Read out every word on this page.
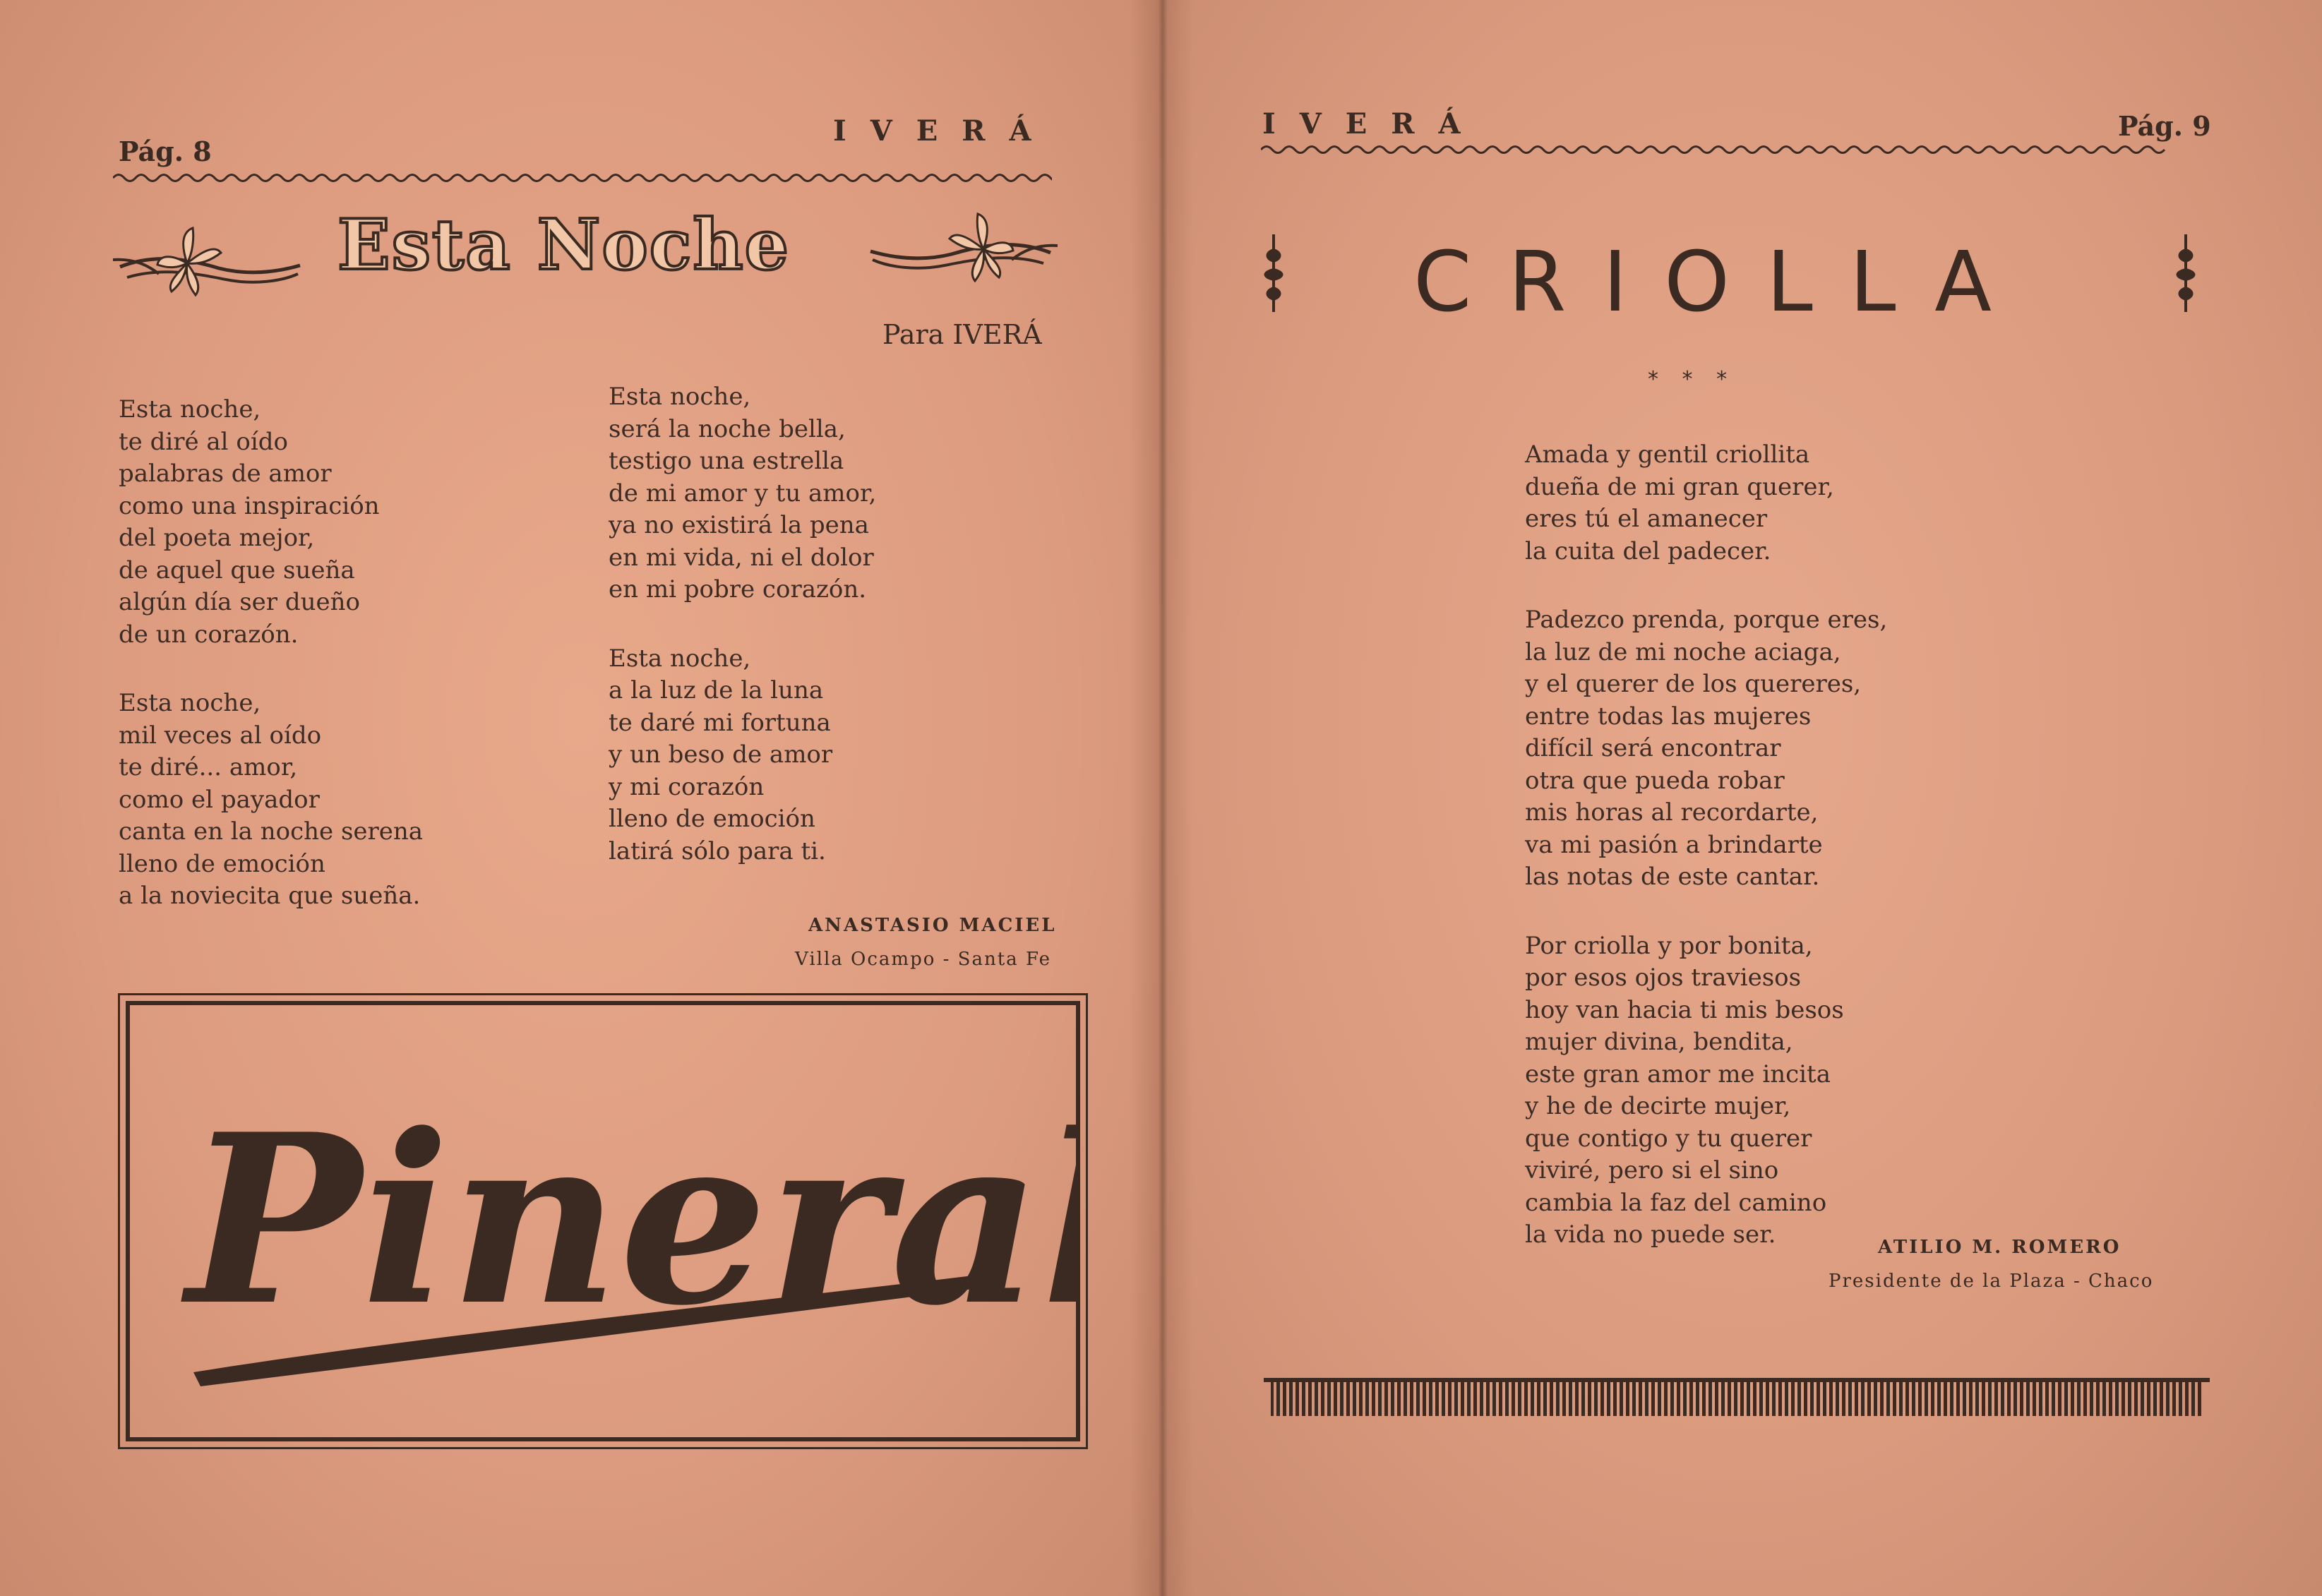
Pág. 8
IVERÁ
Esta Noche
Para IVERÁ
Esta noche,
te diré al oído
palabras de amor
como una inspiración
del poeta mejor,
de aquel que sueña
algún día ser dueño
de un corazón.
Esta noche,
mil veces al oído
te diré... amor,
como el payador
canta en la noche serena
lleno de emoción
a la noviecita que sueña.
Esta noche,
será la noche bella,
testigo una estrella
de mi amor y tu amor,
ya no existirá la pena
en mi vida, ni el dolor
en mi pobre corazón.
Esta noche,
a la luz de la luna
te daré mi fortuna
y un beso de amor
y mi corazón
lleno de emoción
latirá sólo para ti.
ANASTASIO MACIEL
Villa Ocampo - Santa Fe
Pineral
IVERÁ	Pág. 9
CRIOLLA
* * *
Amada y gentil criollita
dueña de mi gran querer,
eres tú el amanecer
la cuita del padecer.
Padezco prenda, porque eres,
la luz de mi noche aciaga,
y el querer de los quereres,
entre todas las mujeres
difícil será encontrar
otra que pueda robar
mis horas al recordarte,
va mi pasión a brindarte
las notas de este cantar.
Por criolla y por bonita,
por esos ojos traviesos
hoy van hacia ti mis besos
mujer divina, bendita,
este gran amor me incita
y he de decirte mujer,
que contigo y tu querer
viviré, pero si el sino
cambia la faz del camino
la vida no puede ser.	ATILIO M. ROMERO
Presidente de la Plaza - Chaco
